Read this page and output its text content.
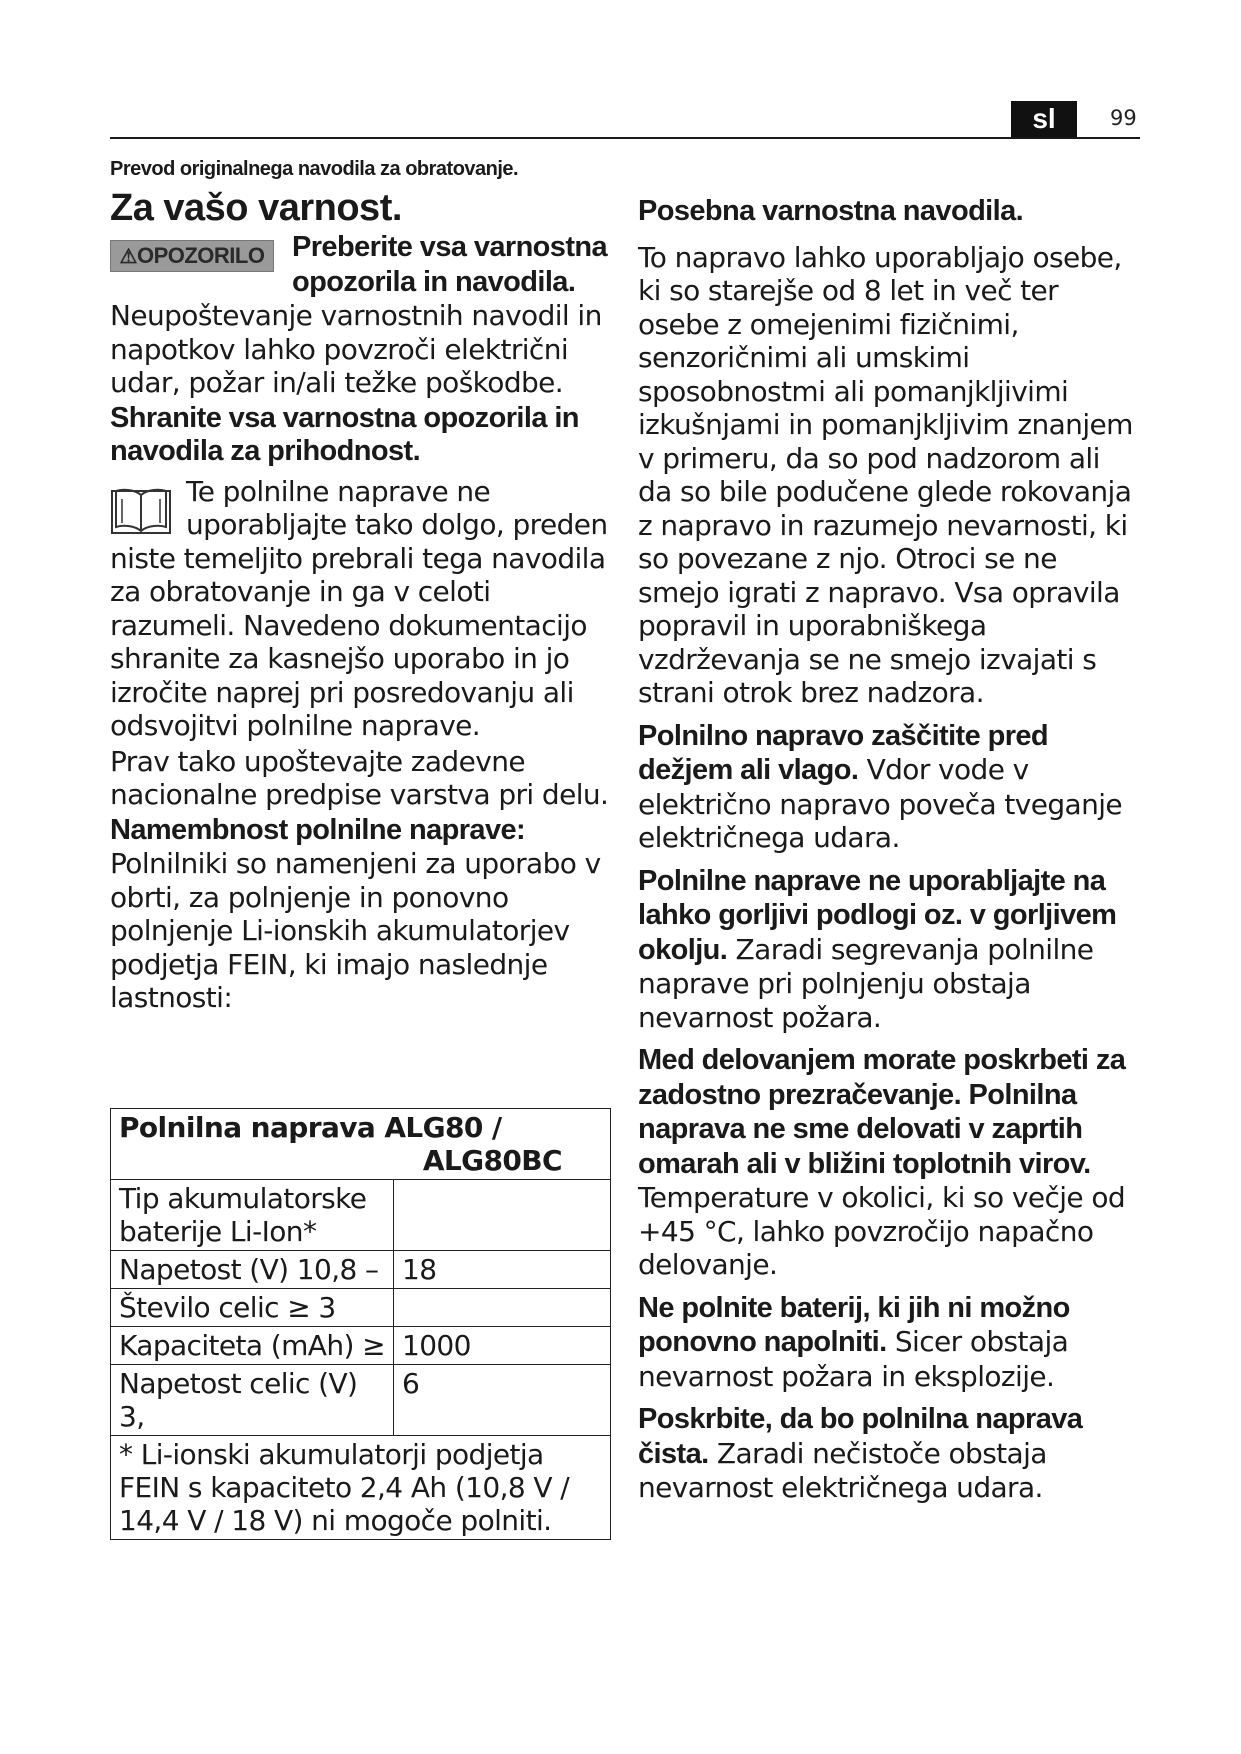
sl	99
Prevod originalnega navodila za obratovanje.
Za vašo varnost.
⚠OPOZORILO Preberite vsa varnostna opozorila in navodila. Neupoštevanje varnostnih navodil in napotkov lahko povzroči električni udar, požar in/ali težke poškodbe.

Shranite vsa varnostna opozorila in navodila za prihodnost.

Te polnilne naprave ne uporabljajte tako dolgo, preden niste temeljito prebrali tega navodila za obratovanje in ga v celoti razumeli. Navedeno dokumentacijo shranite za kasnejšo uporabo in jo izročite naprej pri posredovanju ali odsvojitvi polnilne naprave.

Prav tako upoštevajte zadevne nacionalne predpise varstva pri delu.

Namembnost polnilne naprave:

Polnilniki so namenjeni za uporabo v obrti, za polnjenje in ponovno polnjenje Li-ionskih akumulatorjev podjetja FEIN, ki imajo naslednje lastnosti:

Polnilna naprava ALG80 /
ALG80BC	

Tip akumulatorske baterije Li-Ion*	
Napetost (V) 10,8 –	18
Število celic ≥ 3	
Kapaciteta (mAh) ≥	1000
Napetost celic (V) 3,	6
* Li-ionski akumulatorji podjetja FEIN s kapaciteto 2,4 Ah (10,8 V / 14,4 V / 18 V) ni mogoče polniti.	

Posebna varnostna navodila.

To napravo lahko uporabljajo osebe, ki so starejše od 8 let in več ter osebe z omejenimi fizičnimi, senzoričnimi ali umskimi sposobnostmi ali pomanjkljivimi izkušnjami in pomanjkljivim znanjem v primeru, da so pod nadzorom ali da so bile podučene glede rokovanja z napravo in razumejo nevarnosti, ki so povezane z njo. Otroci se ne smejo igrati z napravo. Vsa opravila popravil in uporabniškega vzdrževanja se ne smejo izvajati s strani otrok brez nadzora.

Polnilno napravo zaščitite pred dežjem ali vlago. Vdor vode v električno napravo poveča tveganje električnega udara.

Polnilne naprave ne uporabljajte na lahko gorljivi podlogi oz. v gorljivem okolju. Zaradi segrevanja polnilne naprave pri polnjenju obstaja nevarnost požara.

Med delovanjem morate poskrbeti za zadostno prezračevanje. Polnilna naprava ne sme delovati v zaprtih omarah ali v bližini toplotnih virov.
Temperature v okolici, ki so večje od +45 °C, lahko povzročijo napačno delovanje.

Ne polnite baterij, ki jih ni možno ponovno napolniti. Sicer obstaja nevarnost požara in eksplozije.

Poskrbite, da bo polnilna naprava čista. Zaradi nečistoče obstaja nevarnost električnega udara.
